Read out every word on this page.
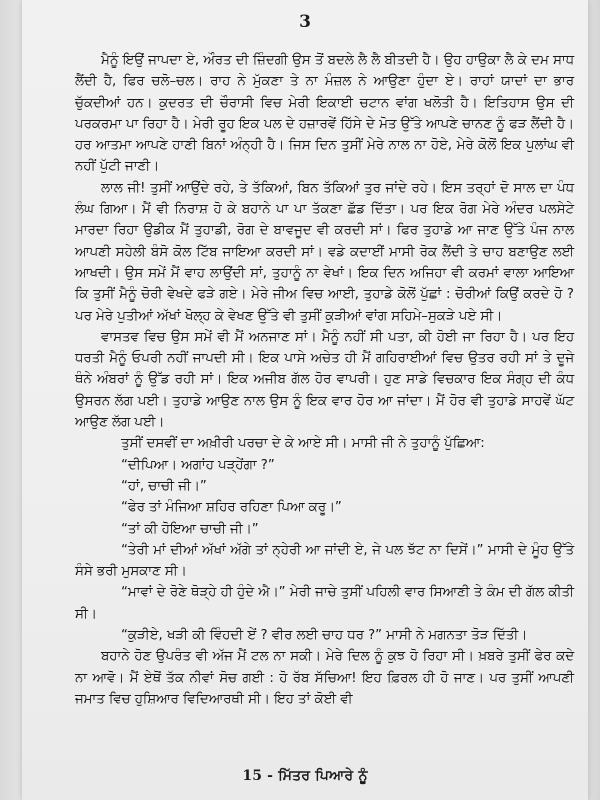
3

ਮੈਨੂੰ ਇਉਂ ਜਾਪਦਾ ਏ, ਔਰਤ ਦੀ ਜ਼ਿੰਦਗੀ ਉਸ ਤੋਂ ਬਦਲੇ ਲੈ ਲੈ ਬੀਤਦੀ ਹੈ। ਉਹ ਹਾਉਕਾ ਲੈ ਕੇ ਦਮ ਸਾਧ ਲੈਂਦੀ ਹੈ, ਫਿਰ ਚਲੋ–ਚਲ। ਰਾਹ ਨੇ ਮੁੱਕਣਾ ਤੇ ਨਾ ਮੰਜ਼ਲ ਨੇ ਆਉਣਾ ਹੁੰਦਾ ਏ। ਰਾਹਾਂ ਯਾਦਾਂ ਦਾ ਭਾਰ ਚੁੱਕਦੀਆਂ ਹਨ। ਕੁਦਰਤ ਦੀ ਚੌਰਾਸੀ ਵਿਚ ਮੇਰੀ ਇਕਾਈ ਚਟਾਨ ਵਾਂਗ ਖਲੋਤੀ ਹੈ। ਇਤਿਹਾਸ ਉਸ ਦੀ ਪਰਕਰਮਾ ਪਾ ਰਿਹਾ ਹੈ। ਮੇਰੀ ਰੂਹ ਇਕ ਪਲ ਦੇ ਹਜ਼ਾਰਵੇਂ ਹਿੱਸੇ ਦੇ ਮੋਤ ਉੱਤੇ ਆਪਣੇ ਚਾਨਣ ਨੂੰ ਫੜ ਲੈਂਦੀ ਹੈ। ਹਰ ਆਤਮਾ ਆਪਣੇ ਹਾਣੀ ਬਿਨਾਂ ਅੰਨ੍ਹੀ ਹੈ। ਜਿਸ ਦਿਨ ਤੁਸੀਂ ਮੇਰੇ ਨਾਲ ਨਾ ਹੋਏ, ਮੇਰੇ ਕੋਲੋਂ ਇਕ ਪੁਲਾਂਘ ਵੀ ਨਹੀਂ ਪੁੱਟੀ ਜਾਣੀ।

ਲਾਲ ਜੀ! ਤੁਸੀਂ ਆਉਂਦੇ ਰਹੇ, ਤੇ ਤੱਕਿਆਂ, ਬਿਨ ਤੱਕਿਆਂ ਤੁਰ ਜਾਂਦੇ ਰਹੇ। ਇਸ ਤਰ੍ਹਾਂ ਦੋ ਸਾਲ ਦਾ ਪੰਧ ਲੰਘ ਗਿਆ। ਮੈਂ ਵੀ ਨਿਰਾਸ਼ ਹੋ ਕੇ ਬਹਾਨੇ ਪਾ ਪਾ ਤੱਕਣਾ ਛੱਡ ਦਿੱਤਾ। ਪਰ ਇਕ ਰੋਗ ਮੇਰੇ ਅੰਦਰ ਪਲਸੇਟੇ ਮਾਰਦਾ ਰਿਹਾ ਉਡੀਕ ਮੈਂ ਤੁਹਾਡੀ, ਰੋਗ ਦੇ ਬਾਵਜੂਦ ਵੀ ਕਰਦੀ ਸਾਂ। ਫਿਰ ਤੁਹਾਡੇ ਆ ਜਾਣ ਉੱਤੇ ਪੰਜ ਨਾਲ ਆਪਣੀ ਸਹੇਲੀ ਬੰਸੋ ਕੋਲ ਟਿੱਬ ਜਾਇਆ ਕਰਦੀ ਸਾਂ। ਵਡੇ ਕਦਾਈਂ ਮਾਸੀ ਰੋਕ ਲੈਂਦੀ ਤੇ ਚਾਹ ਬਣਾਉਣ ਲਈ ਆਖਦੀ। ਉਸ ਸਮੇਂ ਮੈਂ ਵਾਹ ਲਾਉਂਦੀ ਸਾਂ, ਤੁਹਾਨੂੰ ਨਾ ਵੇਖਾਂ। ਇਕ ਦਿਨ ਅਜਿਹਾ ਵੀ ਕਰਮਾਂ ਵਾਲਾ ਆਇਆ ਕਿ ਤੁਸੀਂ ਮੈਨੂੰ ਚੋਰੀ ਵੇਖਦੇ ਫੜੇ ਗਏ। ਮੇਰੇ ਜੀਅ ਵਿਚ ਆਈ, ਤੁਹਾਡੇ ਕੋਲੋਂ ਪੁੱਛਾਂ : ਚੋਰੀਆਂ ਕਿਉਂ ਕਰਦੇ ਹੋ ? ਪਰ ਮੇਰੇ ਪੁਤੀਆਂ ਅੱਖਾਂ ਖੋਲ੍ਹ ਕੇ ਵੇਖਣ ਉੱਤੇ ਵੀ ਤੁਸੀਂ ਕੁੜੀਆਂ ਵਾਂਗ ਸਹਿਮੇ–ਸੁਕੜੇ ਪਏ ਸੀ।

ਵਾਸਤਵ ਵਿਚ ਉਸ ਸਮੇਂ ਵੀ ਮੈਂ ਅਨਜਾਣ ਸਾਂ। ਮੈਨੂੰ ਨਹੀਂ ਸੀ ਪਤਾ, ਕੀ ਹੋਈ ਜਾ ਰਿਹਾ ਹੈ। ਪਰ ਇਹ ਧਰਤੀ ਮੈਨੂੰ ਓਪਰੀ ਨਹੀਂ ਜਾਪਦੀ ਸੀ। ਇਕ ਪਾਸੇ ਅਚੇਤ ਹੀ ਮੈਂ ਗਹਿਰਾਈਆਂ ਵਿਚ ਉਤਰ ਰਹੀ ਸਾਂ ਤੇ ਦੂਜੇ ਥੰਨੇ ਅੰਬਰਾਂ ਨੂੰ ਉੱਡ ਰਹੀ ਸਾਂ। ਇਕ ਅਜੀਬ ਗੱਲ ਹੋਰ ਵਾਪਰੀ। ਹੁਣ ਸਾਡੇ ਵਿਚਕਾਰ ਇਕ ਸੰਗ੍ਹ ਦੀ ਕੰਧ ਉਸਰਨ ਲੱਗ ਪਈ। ਤੁਹਾਡੇ ਆਉਣ ਨਾਲ ਉਸ ਨੂੰ ਇਕ ਵਾਰ ਹੋਰ ਆ ਜਾਂਦਾ। ਮੈਂ ਹੋਰ ਵੀ ਤੁਹਾਡੇ ਸਾਹਵੇਂ ਘੱਟ ਆਉਣ ਲੱਗ ਪਈ।

ਤੁਸੀਂ ਦਸਵੀਂ ਦਾ ਅਖ਼ੀਰੀ ਪਰਚਾ ਦੇ ਕੇ ਆਏ ਸੀ। ਮਾਸੀ ਜੀ ਨੇ ਤੁਹਾਨੂੰ ਪੁੱਛਿਆ:

“ਦੀਪਿਆ। ਅਗਾਂਹ ਪੜ੍ਹੇਂਗਾ ?”

“ਹਾਂ, ਚਾਚੀ ਜੀ।”

“ਫੇਰ ਤਾਂ ਮੰਜਿਆ ਸ਼ਹਿਰ ਰਹਿਣਾ ਪਿਆ ਕਰੂ।”

“ਤਾਂ ਕੀ ਹੋਇਆ ਚਾਚੀ ਜੀ।”

“ਤੇਰੀ ਮਾਂ ਦੀਆਂ ਅੱਖਾਂ ਅੱਗੇ ਤਾਂ ਨ੍ਹੇਰੀ ਆ ਜਾਂਦੀ ਏ, ਜੇ ਪਲ ਝੱਟ ਨਾ ਦਿਸੇਂ।” ਮਾਸੀ ਦੇ ਮੂੰਹ ਉੱਤੇ ਸੰਸੇ ਭਰੀ ਮੁਸਕਾਣ ਸੀ।

“ਮਾਵਾਂ ਦੇ ਰੋਣੇ ਥੋੜ੍ਹੇ ਹੀ ਹੁੰਦੇ ਐ।” ਮੇਰੀ ਜਾਚੇ ਤੁਸੀਂ ਪਹਿਲੀ ਵਾਰ ਸਿਆਣੀ ਤੇ ਕੰਮ ਦੀ ਗੱਲ ਕੀਤੀ ਸੀ।

“ਕੁੜੀਏ, ਖੜੀ ਕੀ ਵਿੰਹਦੀ ਏਂ ? ਵੀਰ ਲਈ ਚਾਹ ਧਰ ?” ਮਾਸੀ ਨੇ ਮਗਨਤਾ ਤੋੜ ਦਿੱਤੀ।

ਬਹਾਨੇ ਹੋਣ ਉਪਰੰਤ ਵੀ ਅੱਜ ਮੈਂ ਟਲ ਨਾ ਸਕੀ। ਮੇਰੇ ਦਿਲ ਨੂੰ ਕੁਝ ਹੋ ਰਿਹਾ ਸੀ। ਖ਼ਬਰੇ ਤੁਸੀਂ ਫੇਰ ਕਦੇ ਨਾ ਆਵੋ। ਮੈਂ ਏਥੋਂ ਤੱਕ ਨੀਵਾਂ ਸੋਚ ਗਈ : ਹੋ ਰੱਬ ਸੱਚਿਆ! ਇਹ ਫ਼ਿਰਲ ਹੀ ਹੋ ਜਾਣ। ਪਰ ਤੁਸੀਂ ਆਪਣੀ ਜਮਾਤ ਵਿਚ ਹੁਸ਼ਿਆਰ ਵਿਦਿਆਰਥੀ ਸੀ। ਇਹ ਤਾਂ ਕੋਈ ਵੀ

15 - ਮਿੱਤਰ ਪਿਆਰੇ ਨੂੰ
